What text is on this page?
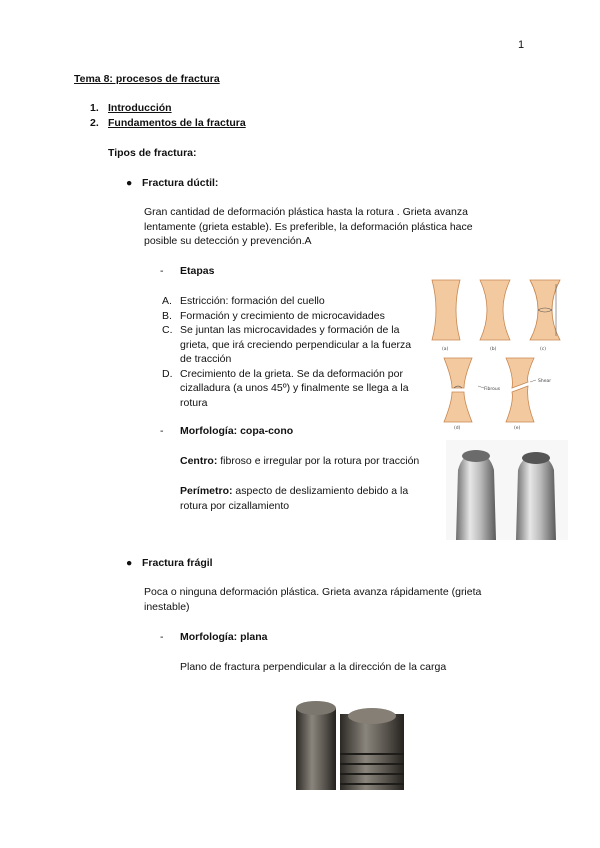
1
Tema 8: procesos de fractura
1. Introducción
2. Fundamentos de la fractura
Tipos de fractura:
● Fractura dúctil:
Gran cantidad de deformación plástica hasta la rotura . Grieta avanza lentamente (grieta estable). Es preferible, la deformación plástica hace posible su detección y prevención.A
- Etapas
A. Estricción: formación del cuello
B. Formación y crecimiento de microcavidades
C. Se juntan las microcavidades y formación de la grieta, que irá creciendo perpendicular a la fuerza de tracción
D. Crecimiento de la grieta. Se da deformación por cizalladura (a unos 45º) y finalmente se llega a la rotura
(a)	(b)	(c)
(d)	(e)
Fibrous
Shear
- Morfología: copa-cono
Centro: fibroso e irregular por la rotura por tracción
Perímetro: aspecto de deslizamiento debido a la rotura por cizallamiento
● Fractura frágil
Poca o ninguna deformación plástica. Grieta avanza rápidamente (grieta inestable)
- Morfología: plana
Plano de fractura perpendicular a la dirección de la carga
